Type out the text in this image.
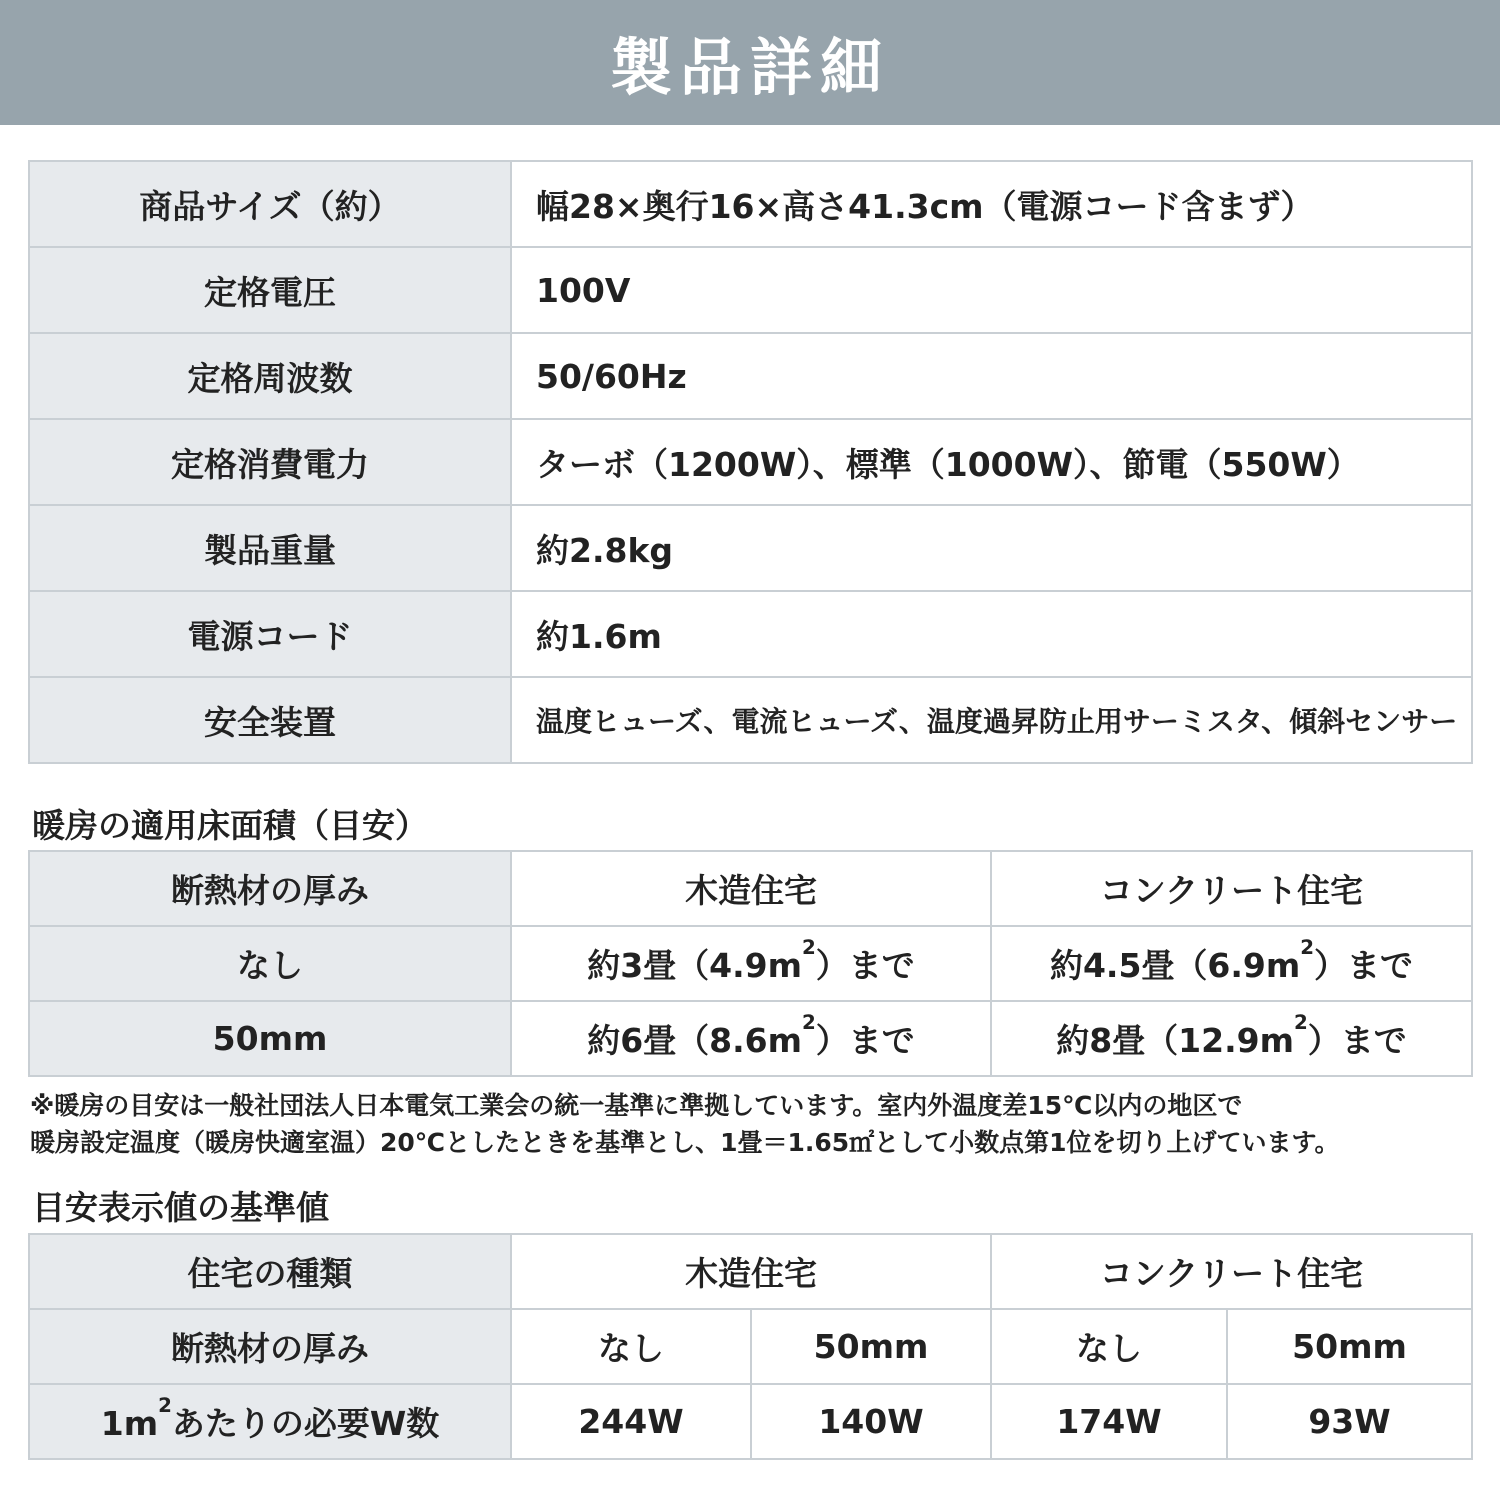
製品詳細
商品サイズ（約）	幅28×奥行16×高さ41.3cm（電源コード含まず）
定格電圧	100V
定格周波数	50/60Hz
定格消費電力	ターボ（1200W）、標準（1000W）、節電（550W）
製品重量	約2.8kg
電源コード	約1.6m
安全装置	温度ヒューズ、電流ヒューズ、温度過昇防止用サーミスタ、傾斜センサー
暖房の適用床面積（目安）
断熱材の厚み	木造住宅	コンクリート住宅
なし	約3畳$(4.9m^2)$まで	約4.5畳$(6.9m^2)$まで
50mm	約6畳$(8.6m^2)$まで	約8畳$(12.9m^2)$まで

※暖房の目安は一般社団法人日本電気工業会の統一基準に準拠しています。室内外温度差15℃以内の地区で
暖房設定温度（暖房快適室温）20℃としたときを基準とし、1畳＝1.65㎡として小数点第1位を切り上げています。

目安表示値の基準値
住宅の種類	木造住宅		コンクリート住宅	
断熱材の厚み	なし	50mm	なし	50mm
$1m^2$あたりの必要W数	244W	140W	174W	93W
